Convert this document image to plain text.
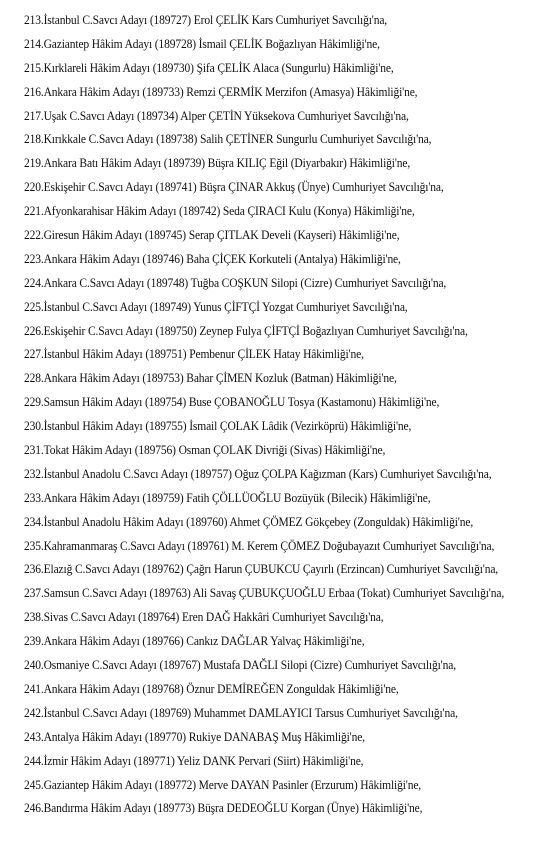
213.İstanbul C.Savcı Adayı (189727) Erol ÇELİK Kars Cumhuriyet Savcılığı'na,
214.Gaziantep Hâkim Adayı (189728) İsmail ÇELİK Boğazlıyan Hâkimliği'ne,
215.Kırklareli Hâkim Adayı (189730) Şifa ÇELİK Alaca (Sungurlu) Hâkimliği'ne,
216.Ankara Hâkim Adayı (189733) Remzi ÇERMİK Merzifon (Amasya) Hâkimliği'ne,
217.Uşak C.Savcı Adayı (189734) Alper ÇETİN Yüksekova Cumhuriyet Savcılığı'na,
218.Kırıkkale C.Savcı Adayı (189738) Salih ÇETİNER Sungurlu Cumhuriyet Savcılığı'na,
219.Ankara Batı Hâkim Adayı (189739) Büşra KILIÇ Eğil (Diyarbakır) Hâkimliği'ne,
220.Eskişehir C.Savcı Adayı (189741) Büşra ÇINAR Akkuş (Ünye) Cumhuriyet Savcılığı'na,
221.Afyonkarahisar Hâkim Adayı (189742) Seda ÇIRACI Kulu (Konya) Hâkimliği'ne,
222.Giresun Hâkim Adayı (189745) Serap ÇITLAK Develi (Kayseri) Hâkimliği'ne,
223.Ankara Hâkim Adayı (189746) Baha ÇİÇEK Korkuteli (Antalya) Hâkimliği'ne,
224.Ankara C.Savcı Adayı (189748) Tuğba COŞKUN Silopi (Cizre) Cumhuriyet Savcılığı'na,
225.İstanbul C.Savcı Adayı (189749) Yunus ÇİFTÇİ Yozgat Cumhuriyet Savcılığı'na,
226.Eskişehir C.Savcı Adayı (189750) Zeynep Fulya ÇİFTÇİ Boğazlıyan Cumhuriyet Savcılığı'na,
227.İstanbul Hâkim Adayı (189751) Pembenur ÇİLEK Hatay Hâkimliği'ne,
228.Ankara Hâkim Adayı (189753) Bahar ÇİMEN Kozluk (Batman) Hâkimliği'ne,
229.Samsun Hâkim Adayı (189754) Buse ÇOBANOĞLU Tosya (Kastamonu) Hâkimliği'ne,
230.İstanbul Hâkim Adayı (189755) İsmail ÇOLAK Lâdik (Vezirköprü) Hâkimliği'ne,
231.Tokat Hâkim Adayı (189756) Osman ÇOLAK Divriği (Sivas) Hâkimliği'ne,
232.İstanbul Anadolu C.Savcı Adayı (189757) Oğuz ÇOLPA Kağızman (Kars) Cumhuriyet Savcılığı'na,
233.Ankara Hâkim Adayı (189759) Fatih ÇÖLLÜOĞLU Bozüyük (Bilecik) Hâkimliği'ne,
234.İstanbul Anadolu Hâkim Adayı (189760) Ahmet ÇÖMEZ Gökçebey (Zonguldak) Hâkimliği'ne,
235.Kahramanmaraş C.Savcı Adayı (189761) M. Kerem ÇÖMEZ Doğubayazıt Cumhuriyet Savcılığı'na,
236.Elazığ C.Savcı Adayı (189762) Çağrı Harun ÇUBUKCU Çayırlı (Erzincan) Cumhuriyet Savcılığı'na,
237.Samsun C.Savcı Adayı (189763) Ali Savaş ÇUBUKÇUOĞLU Erbaa (Tokat) Cumhuriyet Savcılığı'na,
238.Sivas C.Savcı Adayı (189764) Eren DAĞ Hakkâri Cumhuriyet Savcılığı'na,
239.Ankara Hâkim Adayı (189766) Cankız DAĞLAR Yalvaç Hâkimliği'ne,
240.Osmaniye C.Savcı Adayı (189767) Mustafa DAĞLI Silopi (Cizre) Cumhuriyet Savcılığı'na,
241.Ankara Hâkim Adayı (189768) Öznur DEMİREĞEN Zonguldak Hâkimliği'ne,
242.İstanbul C.Savcı Adayı (189769) Muhammet DAMLAYICI Tarsus Cumhuriyet Savcılığı'na,
243.Antalya Hâkim Adayı (189770) Rukiye DANABAŞ Muş Hâkimliği'ne,
244.İzmir Hâkim Adayı (189771) Yeliz DANK Pervari (Siirt) Hâkimliği'ne,
245.Gaziantep Hâkim Adayı (189772) Merve DAYAN Pasinler (Erzurum) Hâkimliği'ne,
246.Bandırma Hâkim Adayı (189773) Büşra DEDEOĞLU Korgan (Ünye) Hâkimliği'ne,
